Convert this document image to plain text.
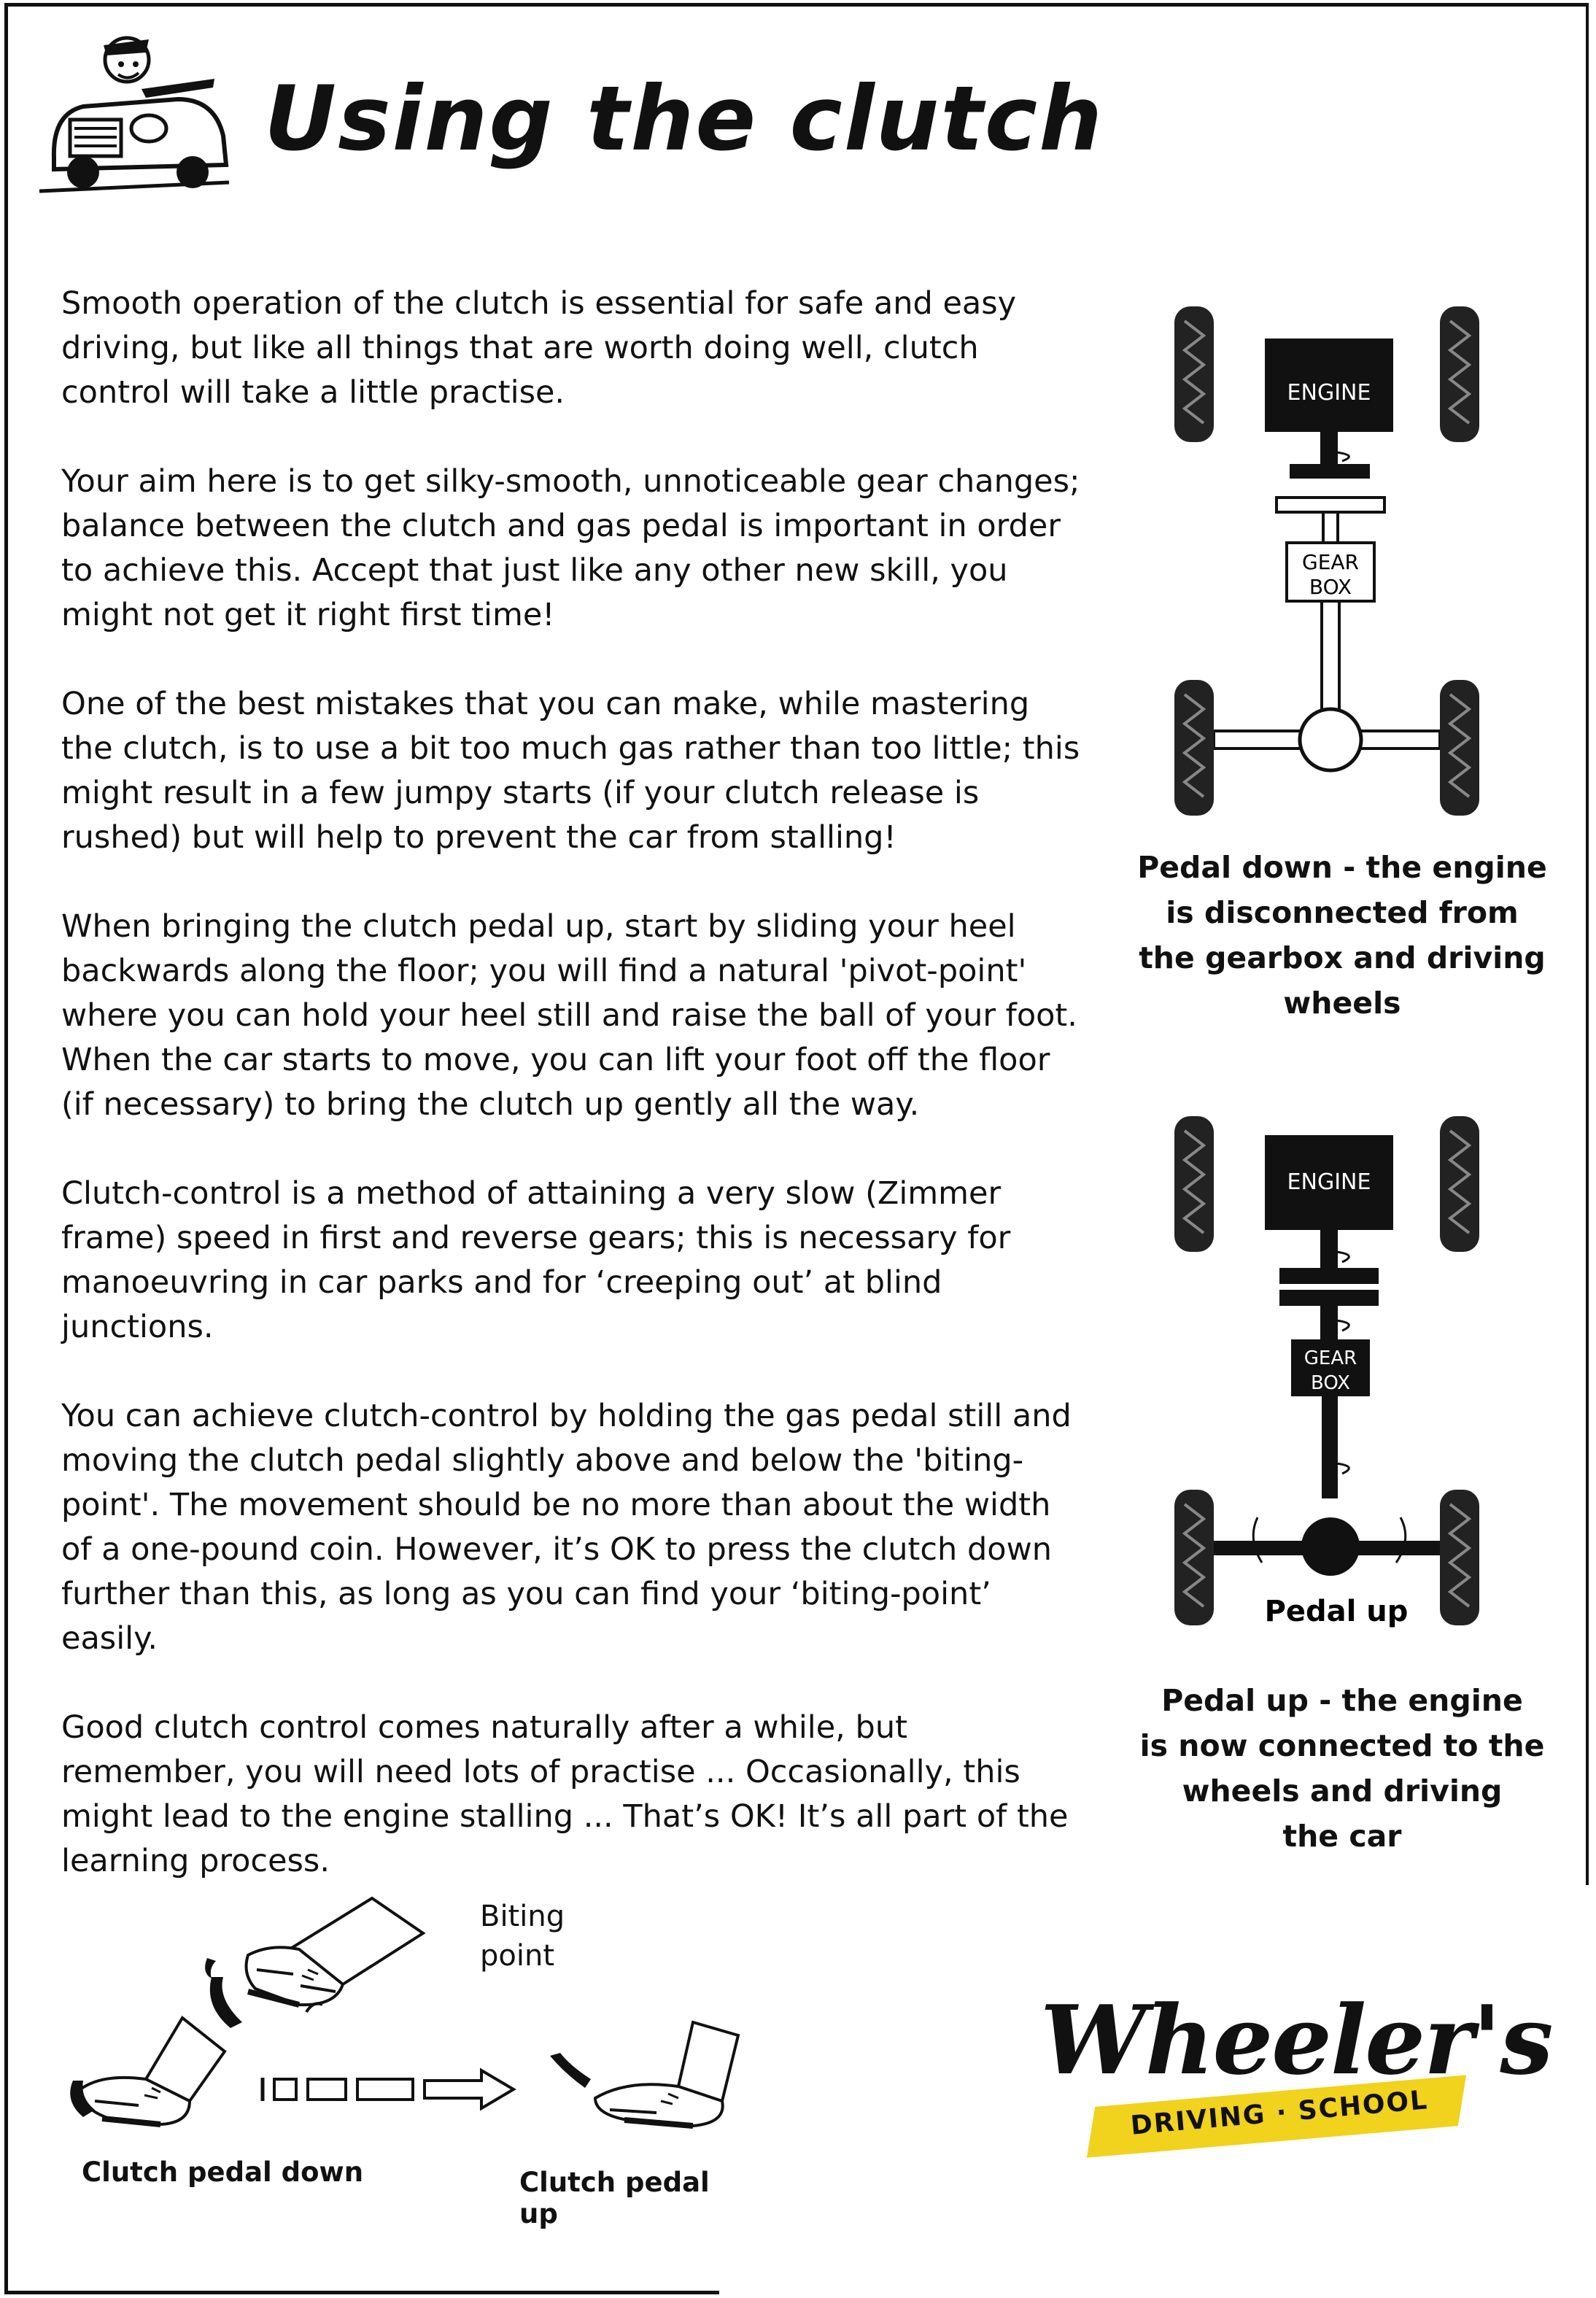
Using the clutch

Smooth operation of the clutch is essential for safe and easy driving, but like all things that are worth doing well, clutch control will take a little practise.

Your aim here is to get silky-smooth, unnoticeable gear changes; balance between the clutch and gas pedal is important in order to achieve this. Accept that just like any other new skill, you might not get it right first time!

One of the best mistakes that you can make, while mastering the clutch, is to use a bit too much gas rather than too little; this might result in a few jumpy starts (if your clutch release is rushed) but will help to prevent the car from stalling!

When bringing the clutch pedal up, start by sliding your heel backwards along the floor; you will find a natural 'pivot-point' where you can hold your heel still and raise the ball of your foot. When the car starts to move, you can lift your foot off the floor (if necessary) to bring the clutch up gently all the way.

Clutch-control is a method of attaining a very slow (Zimmer frame) speed in first and reverse gears; this is necessary for manoeuvring in car parks and for ‘creeping out’ at blind junctions.

You can achieve clutch-control by holding the gas pedal still and moving the clutch pedal slightly above and below the 'biting-point'. The movement should be no more than about the width of a one-pound coin. However, it’s OK to press the clutch down further than this, as long as you can find your ‘biting-point’ easily.

Good clutch control comes naturally after a while, but remember, you will need lots of practise ... Occasionally, this might lead to the engine stalling ... That’s OK! It’s all part of the learning process.

ENGINE
GEAR
BOX
Pedal down - the engine
is disconnected from
the gearbox and driving
wheels
ENGINE
GEAR
BOX
Pedal up
Pedal up - the engine
is now connected to the
wheels and driving
the car
Biting
point
Clutch pedal down	Clutch pedal up
Wheeler's
DRIVING · SCHOOL
